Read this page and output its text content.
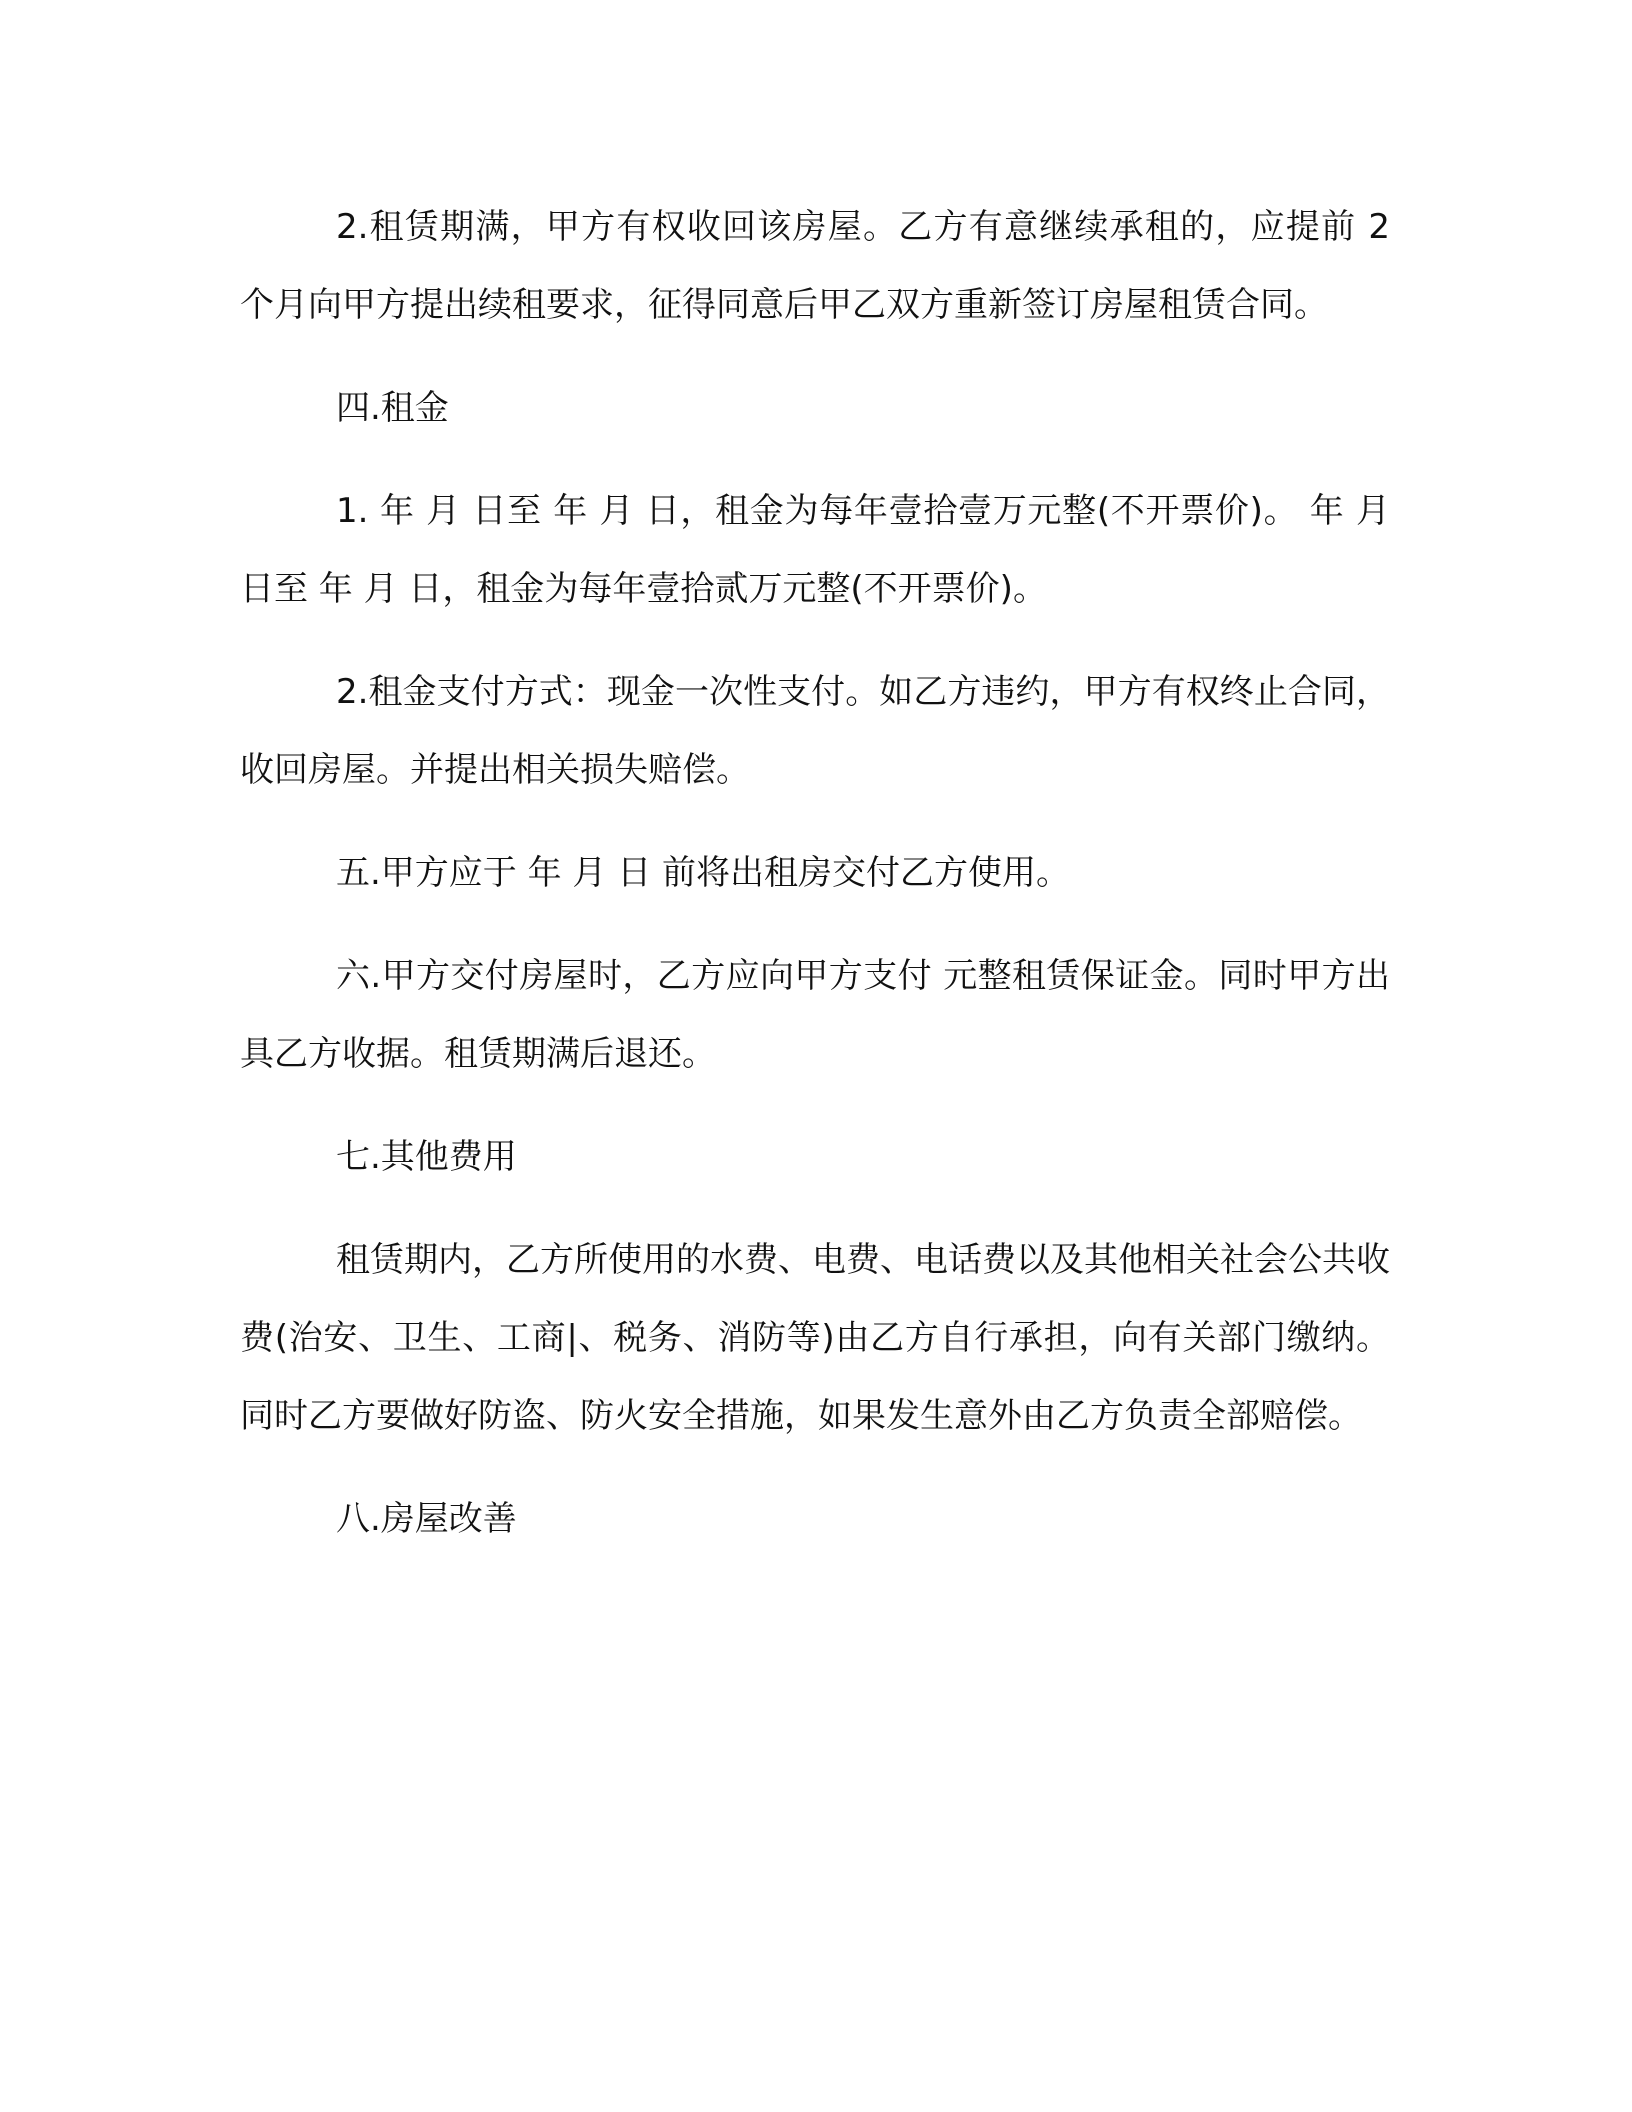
2.租赁期满，甲方有权收回该房屋。乙方有意继续承租的，应提前 2 个月向甲方提出续租要求，征得同意后甲乙双方重新签订房屋租赁合同。

四.租金

1. 年 月 日至 年 月 日，租金为每年壹拾壹万元整(不开票价)。 年 月 日至 年 月 日，租金为每年壹拾贰万元整(不开票价)。

2.租金支付方式：现金一次性支付。如乙方违约，甲方有权终止合同，收回房屋。并提出相关损失赔偿。

五.甲方应于 年 月 日 前将出租房交付乙方使用。

六.甲方交付房屋时，乙方应向甲方支付 元整租赁保证金。同时甲方出具乙方收据。租赁期满后退还。

七.其他费用

租赁期内，乙方所使用的水费、电费、电话费以及其他相关社会公共收费(治安、卫生、工商|、税务、消防等)由乙方自行承担，向有关部门缴纳。同时乙方要做好防盗、防火安全措施，如果发生意外由乙方负责全部赔偿。

八.房屋改善
